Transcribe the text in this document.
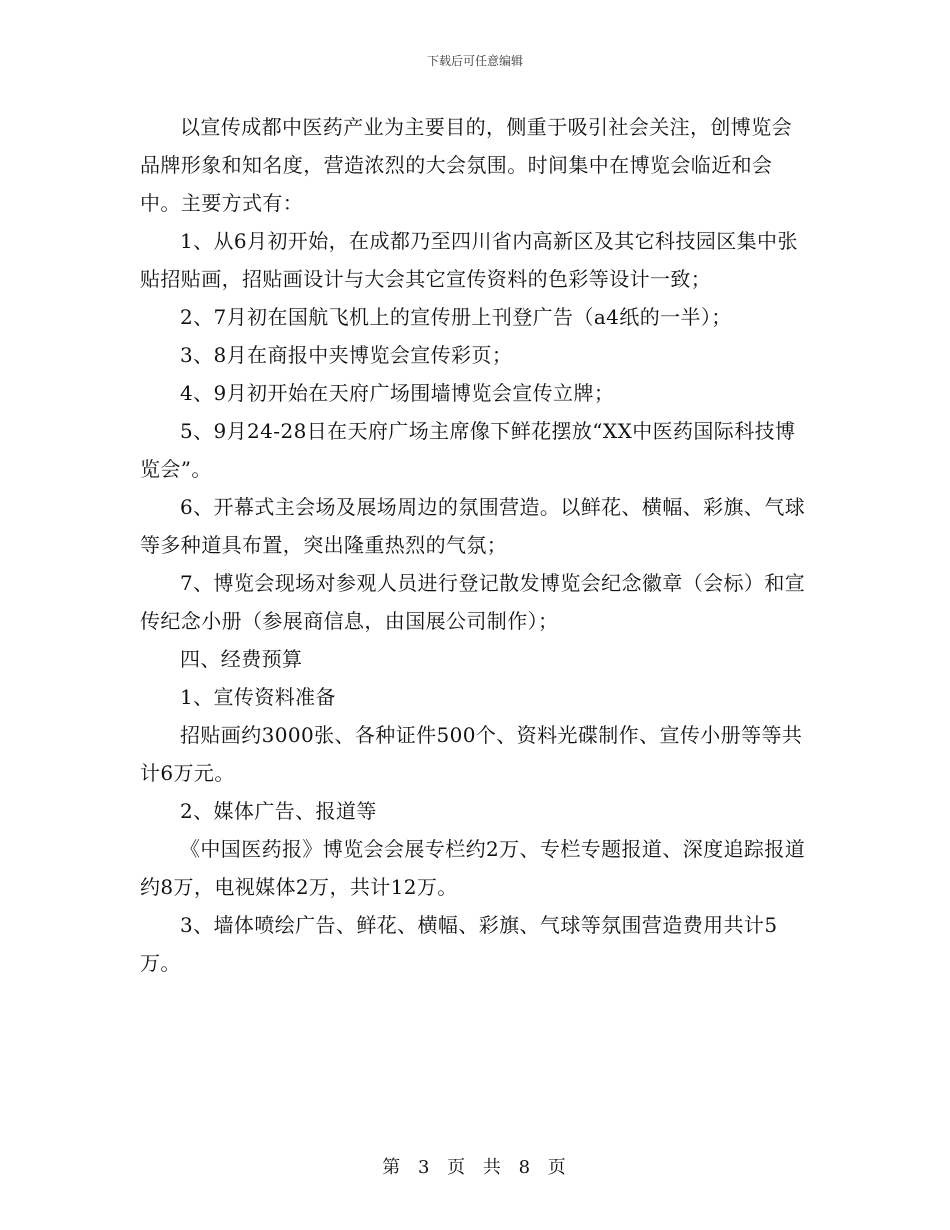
下载后可任意编辑

以宣传成都中医药产业为主要目的，侧重于吸引社会关注，创博览会品牌形象和知名度，营造浓烈的大会氛围。时间集中在博览会临近和会中。主要方式有：

1、从6月初开始，在成都乃至四川省内高新区及其它科技园区集中张贴招贴画，招贴画设计与大会其它宣传资料的色彩等设计一致；

2、7月初在国航飞机上的宣传册上刊登广告（a4纸的一半）；

3、8月在商报中夹博览会宣传彩页；

4、9月初开始在天府广场围墙博览会宣传立牌；

5、9月24-28日在天府广场主席像下鲜花摆放“XX中医药国际科技博览会”。

6、开幕式主会场及展场周边的氛围营造。以鲜花、横幅、彩旗、气球等多种道具布置，突出隆重热烈的气氛；

7、博览会现场对参观人员进行登记散发博览会纪念徽章（会标）和宣传纪念小册（参展商信息，由国展公司制作）；

四、经费预算

1、宣传资料准备

招贴画约3000张、各种证件500个、资料光碟制作、宣传小册等等共计6万元。

2、媒体广告、报道等

《中国医药报》博览会会展专栏约2万、专栏专题报道、深度追踪报道约8万，电视媒体2万，共计12万。

3、墙体喷绘广告、鲜花、横幅、彩旗、气球等氛围营造费用共计5万。

第 3 页 共 8 页
